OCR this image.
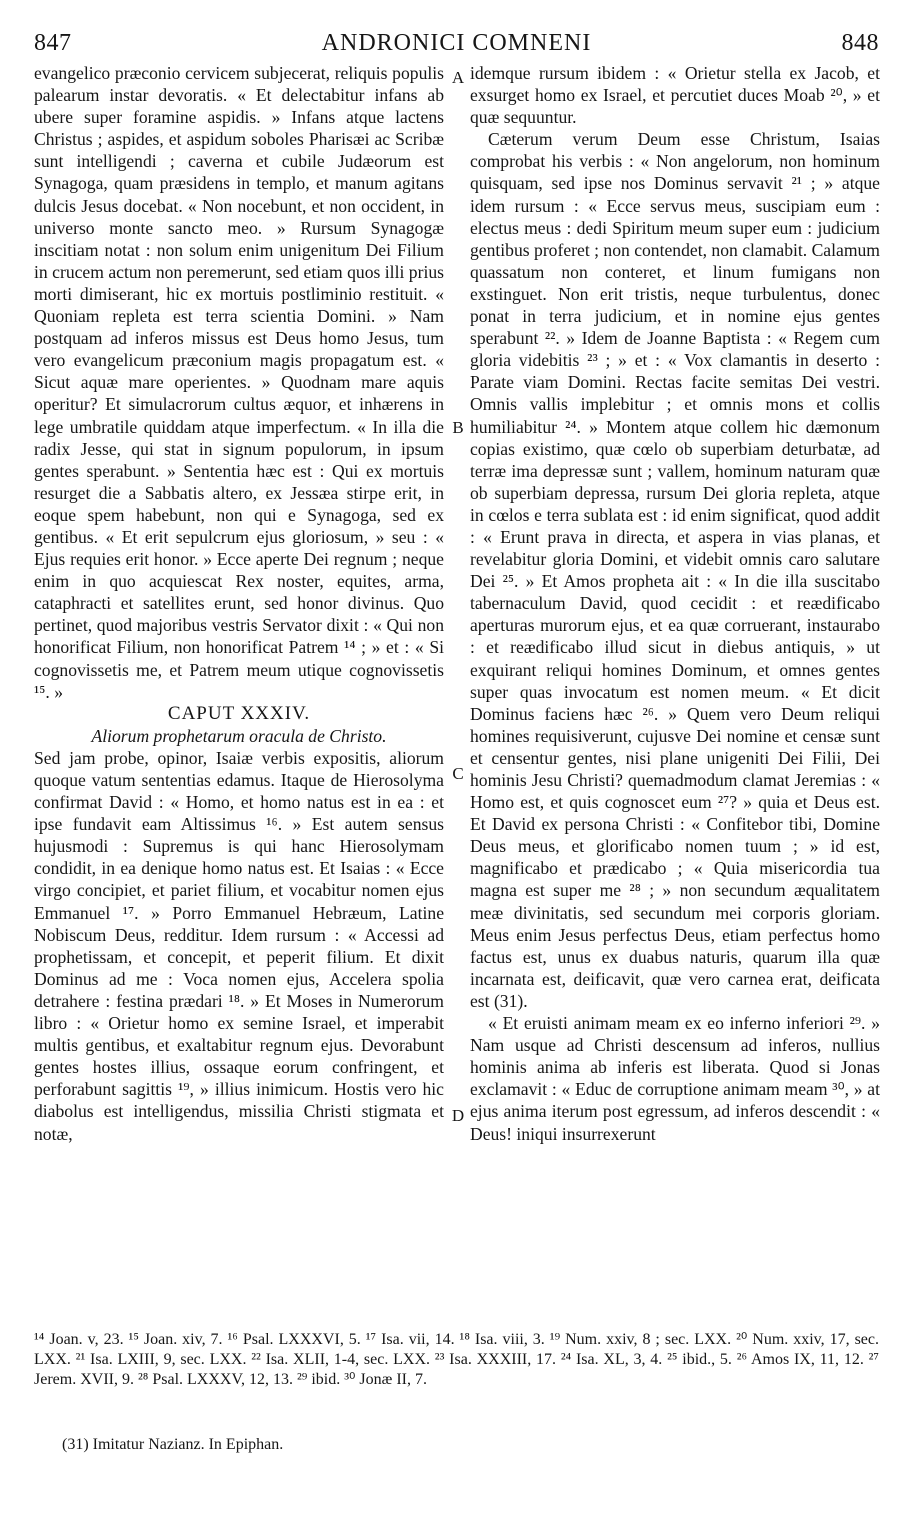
847	ANDRONICI COMNENI	848

evangelico præconio cervicem subjecerat, reliquis populis palearum instar devoratis. « Et delectabitur infans ab ubere super foramine aspidis. » Infans atque lactens Christus ; aspides, et aspidum soboles Pharisæi ac Scribæ sunt intelligendi ; caverna et cubile Judæorum est Synagoga, quam præsidens in templo, et manum agitans dulcis Jesus docebat. « Non nocebunt, et non occident, in universo monte sancto meo. » Rursum Synagogæ inscitiam notat : non solum enim unigenitum Dei Filium in crucem actum non peremerunt, sed etiam quos illi prius morti dimiserant, hic ex mortuis postliminio restituit. « Quoniam repleta est terra scientia Domini. » Nam postquam ad inferos missus est Deus homo Jesus, tum vero evangelicum præconium magis propagatum est. « Sicut aquæ mare operientes. » Quodnam mare aquis operitur? Et simulacrorum cultus æquor, et inhærens in lege umbratile quiddam atque imperfectum. « In illa die radix Jesse, qui stat in signum populorum, in ipsum gentes sperabunt. » Sententia hæc est : Qui ex mortuis resurget die a Sabbatis altero, ex Jessæa stirpe erit, in eoque spem habebunt, non qui e Synagoga, sed ex gentibus. « Et erit sepulcrum ejus gloriosum, » seu : « Ejus requies erit honor. » Ecce aperte Dei regnum ; neque enim in quo acquiescat Rex noster, equites, arma, cataphracti et satellites erunt, sed honor divinus. Quo pertinet, quod majoribus vestris Servator dixit : « Qui non honorificat Filium, non honorificat Patrem ¹⁴ ; » et : « Si cognovissetis me, et Patrem meum utique cognovissetis ¹⁵. »

CAPUT XXXIV.

Aliorum prophetarum oracula de Christo.

Sed jam probe, opinor, Isaiæ verbis expositis, aliorum quoque vatum sententias edamus. Itaque de Hierosolyma confirmat David : « Homo, et homo natus est in ea : et ipse fundavit eam Altissimus ¹⁶. » Est autem sensus hujusmodi : Supremus is qui hanc Hierosolymam condidit, in ea denique homo natus est. Et Isaias : « Ecce virgo concipiet, et pariet filium, et vocabitur nomen ejus Emmanuel ¹⁷. » Porro Emmanuel Hebræum, Latine Nobiscum Deus, redditur. Idem rursum : « Accessi ad prophetissam, et concepit, et peperit filium. Et dixit Dominus ad me : Voca nomen ejus, Accelera spolia detrahere : festina prædari ¹⁸. » Et Moses in Numerorum libro : « Orietur homo ex semine Israel, et imperabit multis gentibus, et exaltabitur regnum ejus. Devorabunt gentes hostes illius, ossaque eorum confringent, et perforabunt sagittis ¹⁹, » illius inimicum. Hostis vero hic diabolus est intelligendus, missilia Christi stigmata et notæ,

A
B
C
D

idemque rursum ibidem : « Orietur stella ex Jacob, et exsurget homo ex Israel, et percutiet duces Moab ²⁰, » et quæ sequuntur.

Cæterum verum Deum esse Christum, Isaias comprobat his verbis : « Non angelorum, non hominum quisquam, sed ipse nos Dominus servavit ²¹ ; » atque idem rursum : « Ecce servus meus, suscipiam eum : electus meus : dedi Spiritum meum super eum : judicium gentibus proferet ; non contendet, non clamabit. Calamum quassatum non conteret, et linum fumigans non exstinguet. Non erit tristis, neque turbulentus, donec ponat in terra judicium, et in nomine ejus gentes sperabunt ²². » Idem de Joanne Baptista : « Regem cum gloria videbitis ²³ ; » et : « Vox clamantis in deserto : Parate viam Domini. Rectas facite semitas Dei vestri. Omnis vallis implebitur ; et omnis mons et collis humiliabitur ²⁴. » Montem atque collem hic dæmonum copias existimo, quæ cœlo ob superbiam deturbatæ, ad terræ ima depressæ sunt ; vallem, hominum naturam quæ ob superbiam depressa, rursum Dei gloria repleta, atque in cœlos e terra sublata est : id enim significat, quod addit : « Erunt prava in directa, et aspera in vias planas, et revelabitur gloria Domini, et videbit omnis caro salutare Dei ²⁵. » Et Amos propheta ait : « In die illa suscitabo tabernaculum David, quod cecidit : et reædificabo aperturas murorum ejus, et ea quæ corruerant, instaurabo : et reædificabo illud sicut in diebus antiquis, » ut exquirant reliqui homines Dominum, et omnes gentes super quas invocatum est nomen meum. « Et dicit Dominus faciens hæc ²⁶. » Quem vero Deum reliqui homines requisiverunt, cujusve Dei nomine et censæ sunt et censentur gentes, nisi plane unigeniti Dei Filii, Dei hominis Jesu Christi? quemadmodum clamat Jeremias : « Homo est, et quis cognoscet eum ²⁷? » quia et Deus est. Et David ex persona Christi : « Confitebor tibi, Domine Deus meus, et glorificabo nomen tuum ; » id est, magnificabo et prædicabo ; « Quia misericordia tua magna est super me ²⁸ ; » non secundum æqualitatem meæ divinitatis, sed secundum mei corporis gloriam. Meus enim Jesus perfectus Deus, etiam perfectus homo factus est, unus ex duabus naturis, quarum illa quæ incarnata est, deificavit, quæ vero carnea erat, deificata est (31).

« Et eruisti animam meam ex eo inferno inferiori ²⁹. » Nam usque ad Christi descensum ad inferos, nullius hominis anima ab inferis est liberata. Quod si Jonas exclamavit : « Educ de corruptione animam meam ³⁰, » at ejus anima iterum post egressum, ad inferos descendit : « Deus! iniqui insurrexerunt

¹⁴ Joan. v, 23. ¹⁵ Joan. xiv, 7. ¹⁶ Psal. LXXXVI, 5. ¹⁷ Isa. vii, 14. ¹⁸ Isa. viii, 3. ¹⁹ Num. xxiv, 8 ; sec. LXX. ²⁰ Num. xxiv, 17, sec. LXX. ²¹ Isa. LXIII, 9, sec. LXX. ²² Isa. XLII, 1-4, sec. LXX. ²³ Isa. XXXIII, 17. ²⁴ Isa. XL, 3, 4. ²⁵ ibid., 5. ²⁶ Amos IX, 11, 12. ²⁷ Jerem. XVII, 9. ²⁸ Psal. LXXXV, 12, 13. ²⁹ ibid. ³⁰ Jonæ II, 7.
(31) Imitatur Nazianz. In Epiphan.
